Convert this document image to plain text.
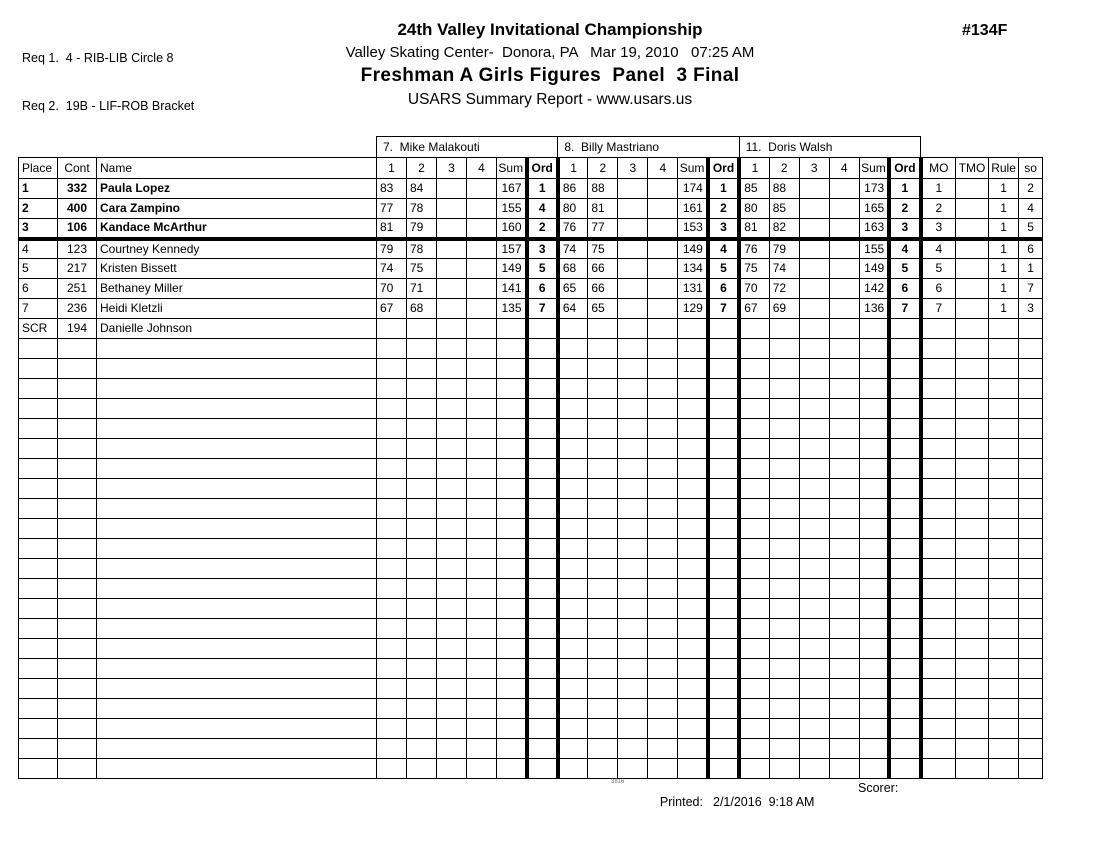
Req 1.  4 - RIB-LIB Circle 8

Req 2.  19B - LIF-ROB Bracket

24th Valley Invitational Championship
Valley Skating Center-  Donora, PA   Mar 19, 2010   07:25 AM
Freshman A Girls Figures  Panel  3 Final
USARS Summary Report - www.usars.us
#134F
			7.  Mike Malakouti						8.  Billy Mastriano						11.  Doris Walsh									
Place	Cont	Name	1	2	3	4	Sum	Ord	1	2	3	4	Sum	Ord	1	2	3	4	Sum	Ord	MO	TMO	Rule	so
1	332	Paula Lopez	83	84			167	1	86	88			174	1	85	88			173	1	1		1	2
2	400	Cara Zampino	77	78			155	4	80	81			161	2	80	85			165	2	2		1	4
3	106	Kandace McArthur	81	79			160	2	76	77			153	3	81	82			163	3	3		1	5
4	123	Courtney Kennedy	79	78			157	3	74	75			149	4	76	79			155	4	4		1	6
5	217	Kristen Bissett	74	75			149	5	68	66			134	5	75	74			149	5	5		1	1
6	251	Bethaney Miller	70	71			141	6	65	66			131	6	70	72			142	6	6		1	7
7	236	Heidi Kletzli	67	68			135	7	64	65			129	7	67	69			136	7	7		1	3
SCR	194	Danielle Johnson																						

3816

Printed: 2/1/2016  9:18 AM

Scorer:
